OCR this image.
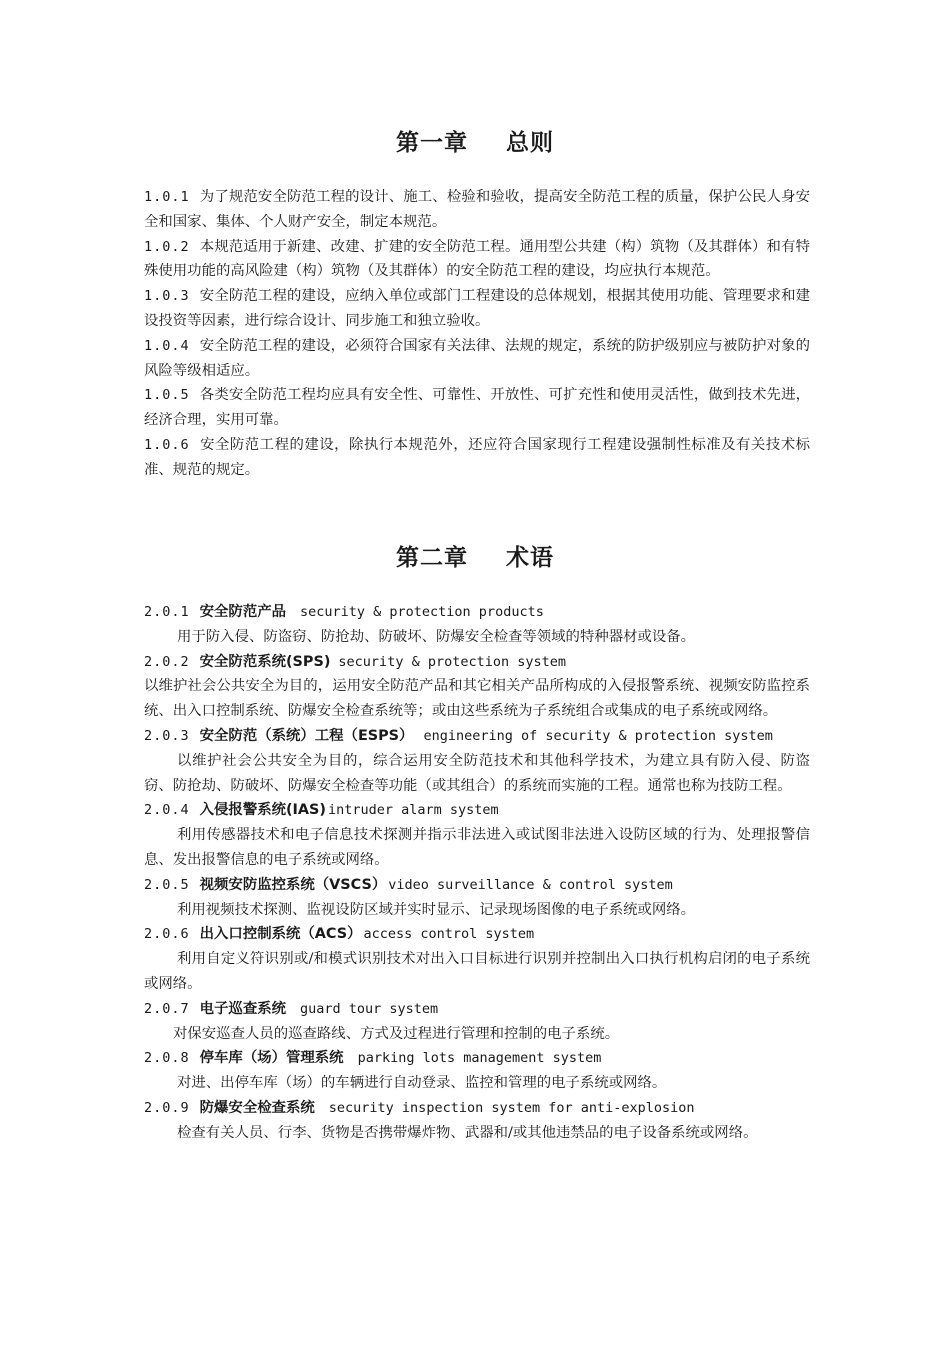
第一章 总则

1.0.1 为了规范安全防范工程的设计、施工、检验和验收，提高安全防范工程的质量，保护公民人身安全和国家、集体、个人财产安全，制定本规范。

1.0.2 本规范适用于新建、改建、扩建的安全防范工程。通用型公共建（构）筑物（及其群体）和有特殊使用功能的高风险建（构）筑物（及其群体）的安全防范工程的建设，均应执行本规范。

1.0.3 安全防范工程的建设，应纳入单位或部门工程建设的总体规划，根据其使用功能、管理要求和建设投资等因素，进行综合设计、同步施工和独立验收。

1.0.4 安全防范工程的建设，必须符合国家有关法律、法规的规定，系统的防护级别应与被防护对象的风险等级相适应。

1.0.5 各类安全防范工程均应具有安全性、可靠性、开放性、可扩充性和使用灵活性，做到技术先进，经济合理，实用可靠。

1.0.6 安全防范工程的建设，除执行本规范外，还应符合国家现行工程建设强制性标准及有关技术标准、规范的规定。

第二章 术语

2.0.1 安全防范产品 security & protection products

用于防入侵、防盗窃、防抢劫、防破坏、防爆安全检查等领域的特种器材或设备。

2.0.2 安全防范系统(SPS) security & protection system

以维护社会公共安全为目的，运用安全防范产品和其它相关产品所构成的入侵报警系统、视频安防监控系统、出入口控制系统、防爆安全检查系统等；或由这些系统为子系统组合或集成的电子系统或网络。

2.0.3 安全防范（系统）工程（ESPS） engineering of security & protection system

以维护社会公共安全为目的，综合运用安全防范技术和其他科学技术，为建立具有防入侵、防盗窃、防抢劫、防破坏、防爆安全检查等功能（或其组合）的系统而实施的工程。通常也称为技防工程。

2.0.4 入侵报警系统(IAS) intruder alarm system

利用传感器技术和电子信息技术探测并指示非法进入或试图非法进入设防区域的行为、处理报警信息、发出报警信息的电子系统或网络。

2.0.5 视频安防监控系统（VSCS） video surveillance & control system

利用视频技术探测、监视设防区域并实时显示、记录现场图像的电子系统或网络。

2.0.6 出入口控制系统（ACS） access control system

利用自定义符识别或/和模式识别技术对出入口目标进行识别并控制出入口执行机构启闭的电子系统或网络。

2.0.7 电子巡查系统 guard tour system

对保安巡查人员的巡查路线、方式及过程进行管理和控制的电子系统。

2.0.8 停车库（场）管理系统 parking lots management system

对进、出停车库（场）的车辆进行自动登录、监控和管理的电子系统或网络。

2.0.9 防爆安全检查系统 security inspection system for anti-explosion

检查有关人员、行李、货物是否携带爆炸物、武器和/或其他违禁品的电子设备系统或网络。
